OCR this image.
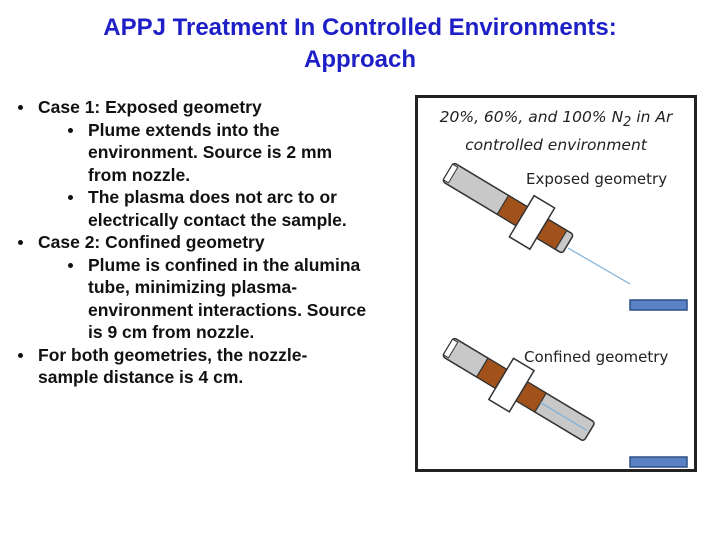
APPJ Treatment In Controlled Environments:
Approach
Case 1: Exposed geometry
Plume extends into the
environment. Source is 2 mm
from nozzle.
The plasma does not arc to or
electrically contact the sample.
Case 2: Confined geometry
Plume is confined in the alumina
tube, minimizing plasma-
environment interactions. Source
is 9 cm from nozzle.
For both geometries, the nozzle-
sample distance is 4 cm.
20%, 60%, and 100% $N_2$ in Ar
controlled environment
Exposed geometry
Confined geometry
